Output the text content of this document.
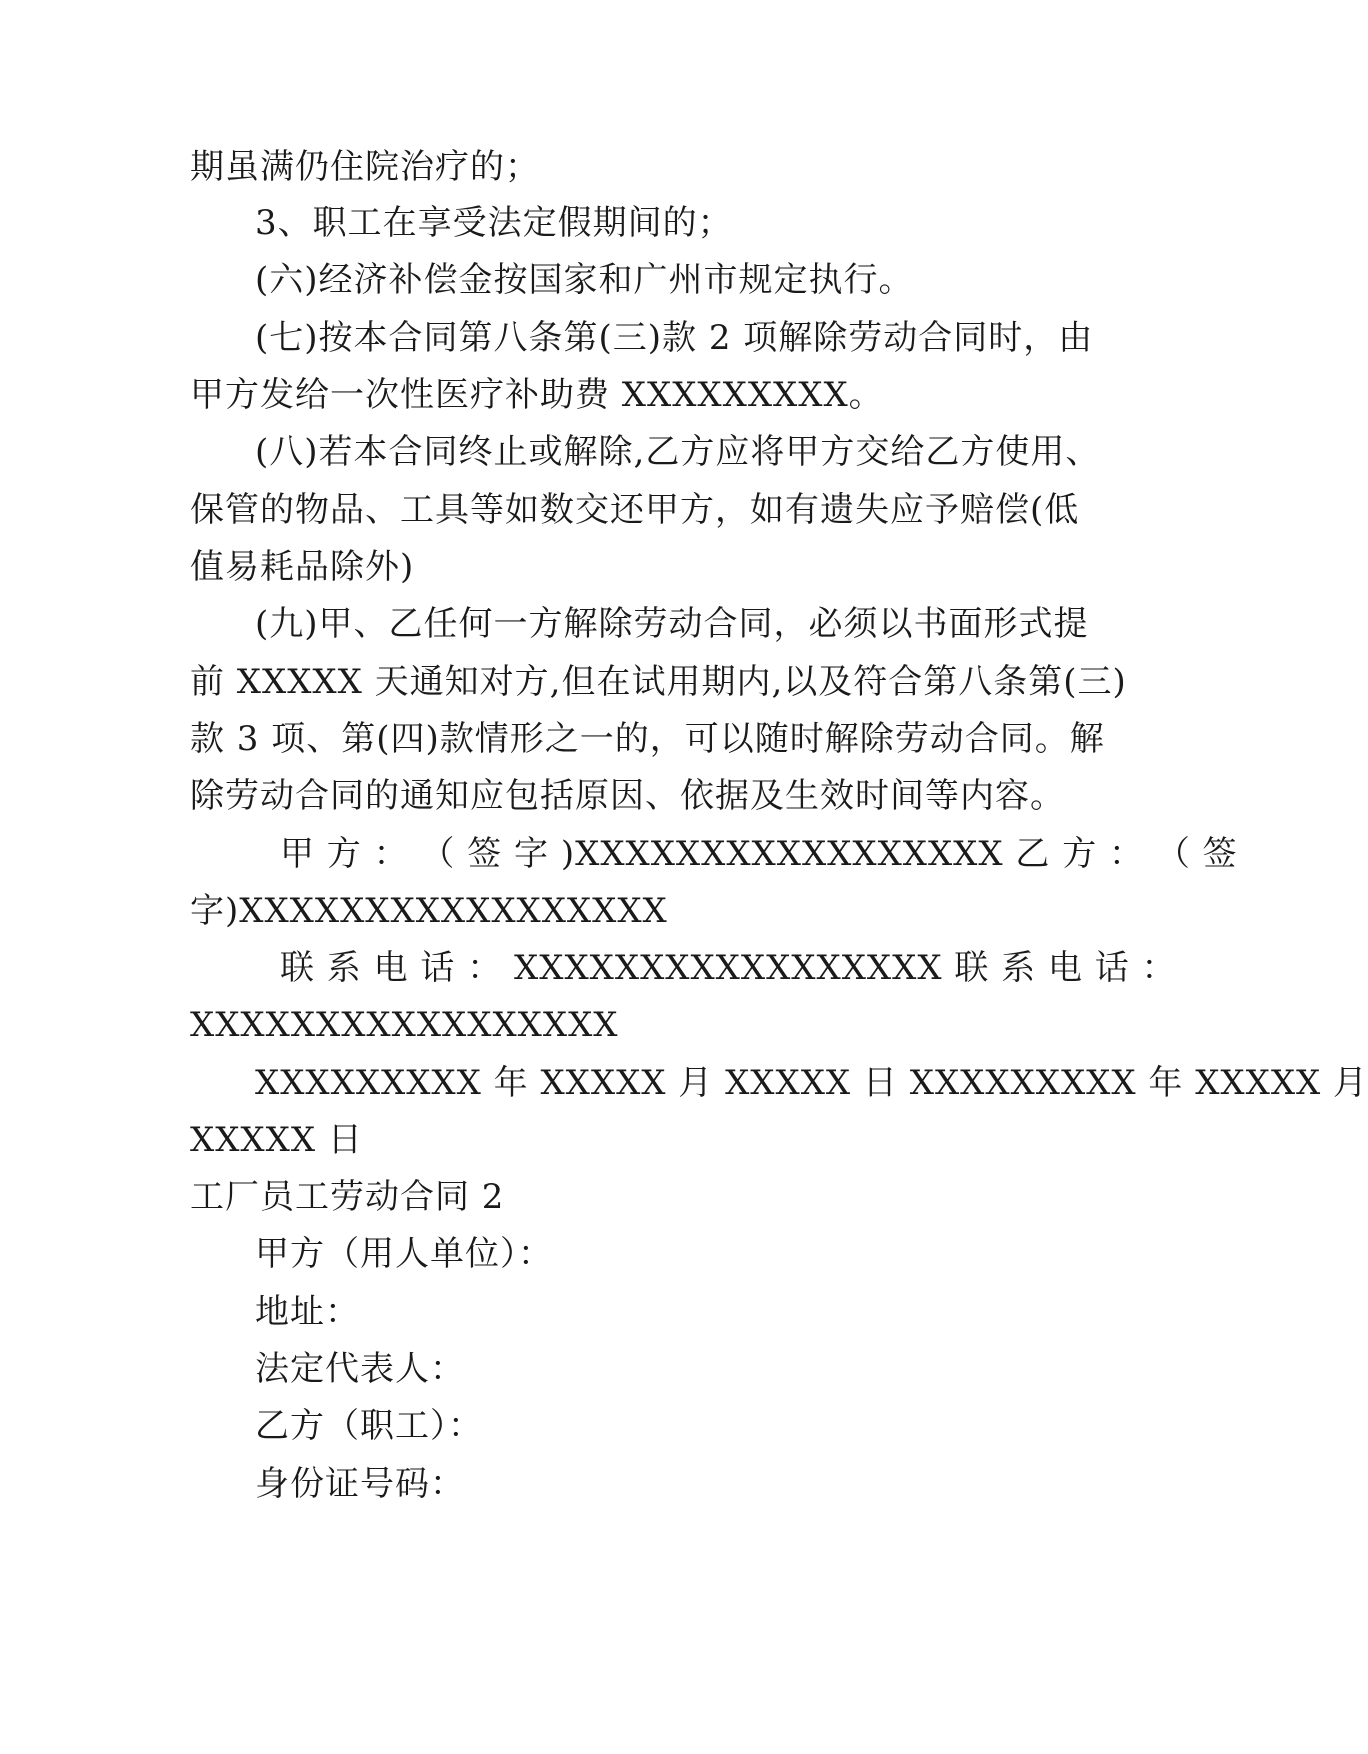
期虽满仍住院治疗的；
3、职工在享受法定假期间的；
(六)经济补偿金按国家和广州市规定执行。
(七)按本合同第八条第(三)款 2 项解除劳动合同时，由
甲方发给一次性医疗补助费 XXXXXXXXX。
(八)若本合同终止或解除,乙方应将甲方交给乙方使用、
保管的物品、工具等如数交还甲方，如有遗失应予赔偿(低
值易耗品除外)
(九)甲、乙任何一方解除劳动合同，必须以书面形式提
前 XXXXX 天通知对方,但在试用期内,以及符合第八条第(三)
款 3 项、第(四)款情形之一的，可以随时解除劳动合同。解
除劳动合同的通知应包括原因、依据及生效时间等内容。
甲 方 ： （ 签 字 )XXXXXXXXXXXXXXXXX 乙 方 ： （ 签
字)XXXXXXXXXXXXXXXXX
联 系 电 话 ： XXXXXXXXXXXXXXXXX 联 系 电 话 ：
XXXXXXXXXXXXXXXXX
XXXXXXXXX 年 XXXXX 月 XXXXX 日 XXXXXXXXX 年 XXXXX 月
XXXXX 日
工厂员工劳动合同 2
甲方（用人单位）：
地址：
法定代表人：
乙方（职工）：
身份证号码：
